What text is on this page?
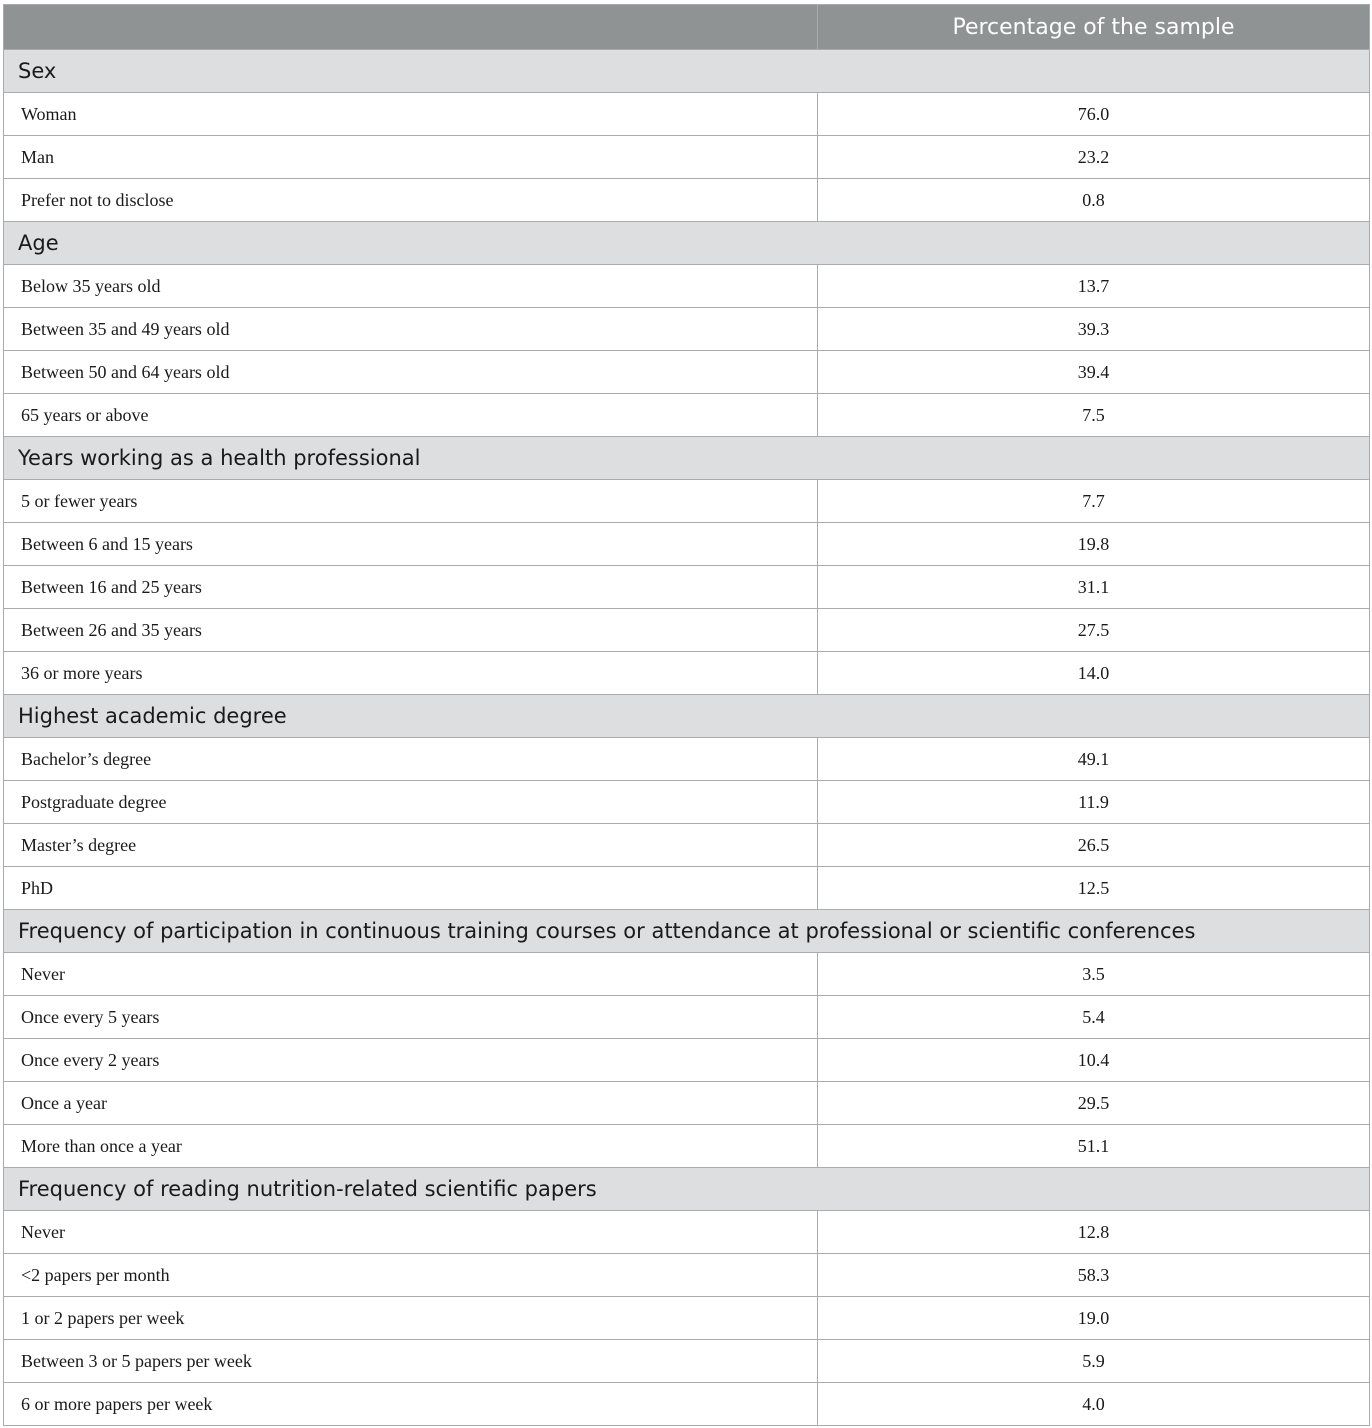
	Percentage of the sample
Sex	
Woman	76.0
Man	23.2
Prefer not to disclose	0.8
Age	
Below 35 years old	13.7
Between 35 and 49 years old	39.3
Between 50 and 64 years old	39.4
65 years or above	7.5
Years working as a health professional	
5 or fewer years	7.7
Between 6 and 15 years	19.8
Between 16 and 25 years	31.1
Between 26 and 35 years	27.5
36 or more years	14.0
Highest academic degree	
Bachelor’s degree	49.1
Postgraduate degree	11.9
Master’s degree	26.5
PhD	12.5
Frequency of participation in continuous training courses or attendance at professional or scientific conferences	
Never	3.5
Once every 5 years	5.4
Once every 2 years	10.4
Once a year	29.5
More than once a year	51.1
Frequency of reading nutrition-related scientific papers	
Never	12.8
<2 papers per month	58.3
1 or 2 papers per week	19.0
Between 3 or 5 papers per week	5.9
6 or more papers per week	4.0
